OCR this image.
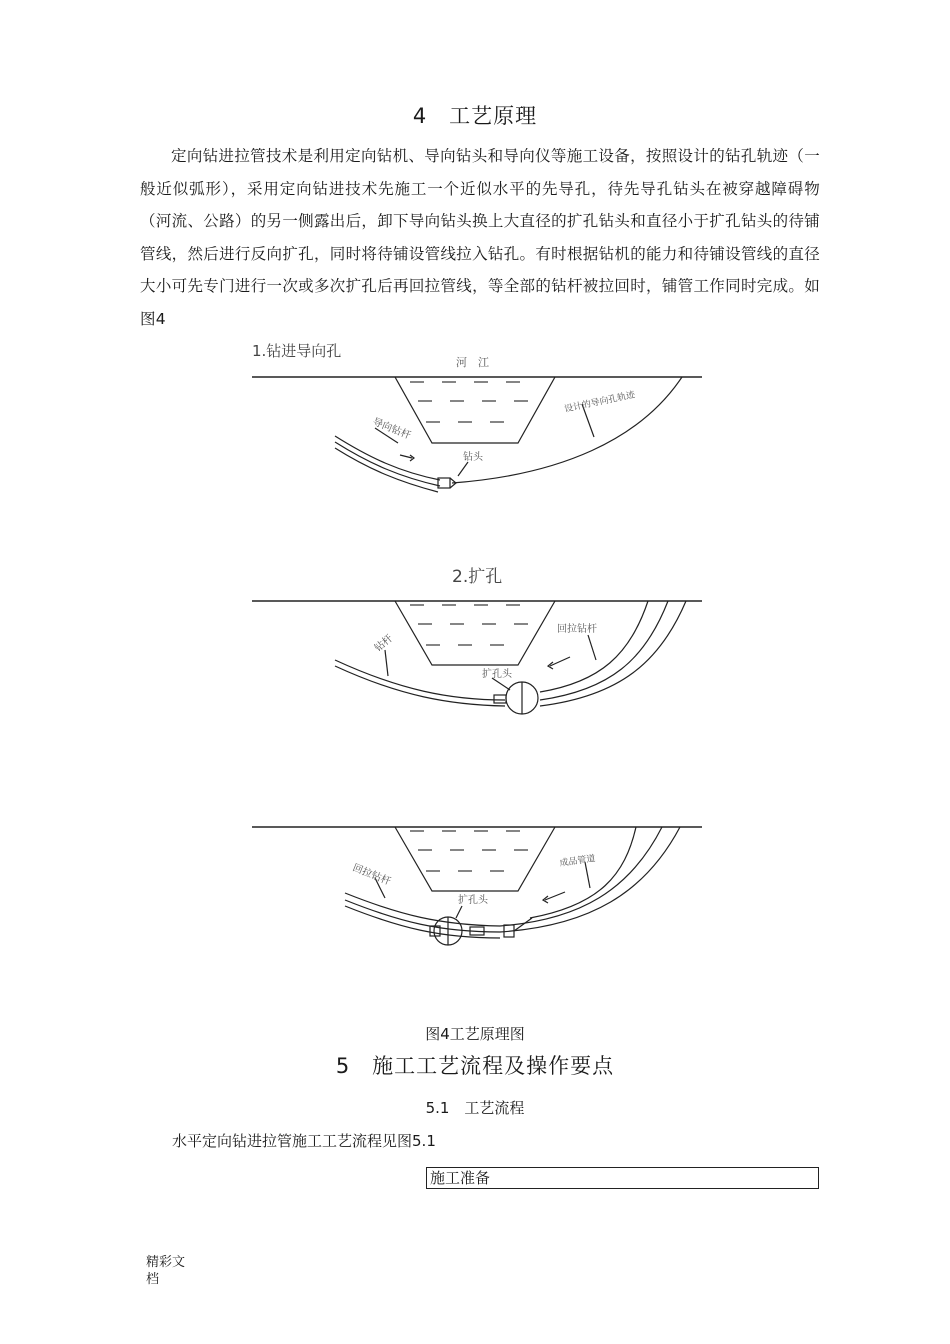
4　工艺原理
定向钻进拉管技术是利用定向钻机、导向钻头和导向仪等施工设备，按照设计的钻孔轨迹（一般近似弧形），采用定向钻进技术先施工一个近似水平的先导孔，待先导孔钻头在被穿越障碍物（河流、公路）的另一侧露出后，卸下导向钻头换上大直径的扩孔钻头和直径小于扩孔钻头的待铺管线，然后进行反向扩孔，同时将待铺设管线拉入钻孔。有时根据钻机的能力和待铺设管线的直径大小可先专门进行一次或多次扩孔后再回拉管线，等全部的钻杆被拉回时，铺管工作同时完成。如图4
1.钻进导向孔
河　江
设计的导向孔轨迹
导向钻杆
钻头
2.扩孔
钻杆
回拉钻杆
扩孔头
回拉钻杆
成品管道
扩孔头
图4工艺原理图
5　施工工艺流程及操作要点
5.1　工艺流程
水平定向钻进拉管施工工艺流程见图5.1
施工准备
精彩文档
